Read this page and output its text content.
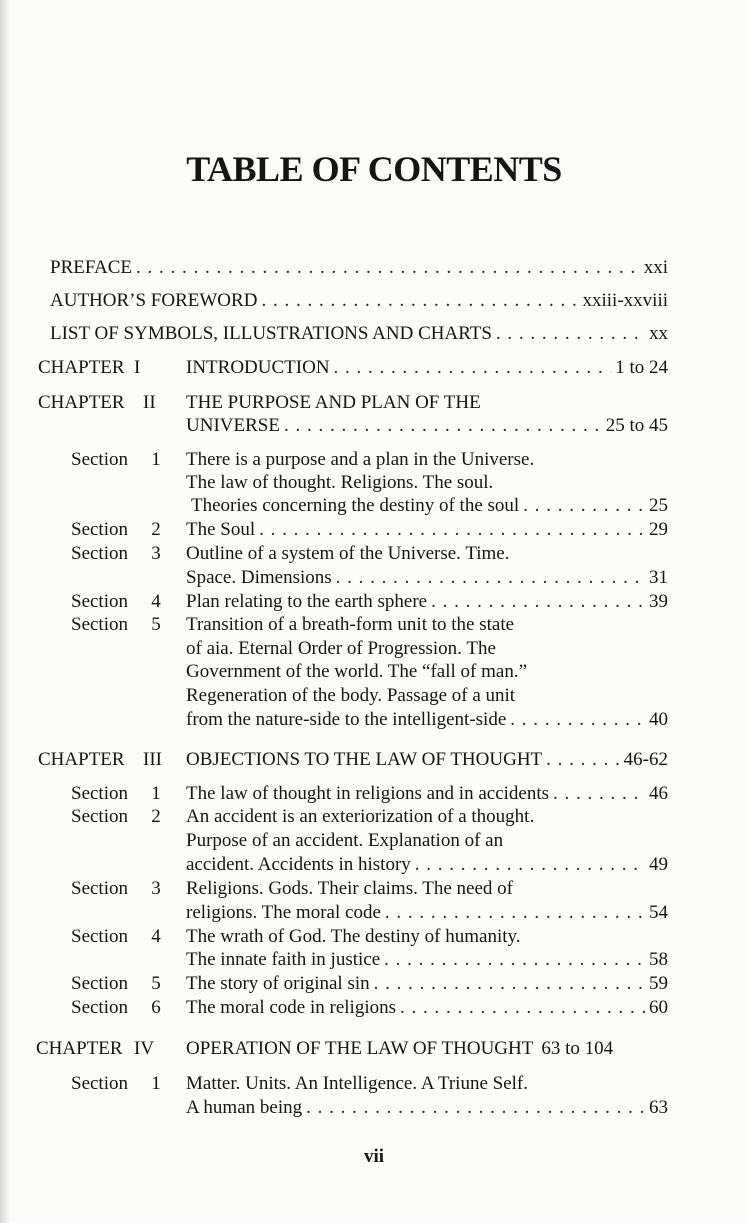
TABLE OF CONTENTS
PREFACE . . .	xxi
AUTHOR’S FOREWORD . . .	xxiii-xxviii
LIST OF SYMBOLS, ILLUSTRATIONS AND CHARTS . . .	xx
CHAPTER I INTRODUCTION . . .	1 to 24
CHAPTER II THE PURPOSE AND PLAN OF THE
UNIVERSE . . .	25 to 45
Section 1 There is a purpose and a plan in the Universe.
The law of thought. Religions. The soul.
Theories concerning the destiny of the soul . . .	25
Section 2 The Soul . . .	29
Section 3 Outline of a system of the Universe. Time.
Space. Dimensions . . .	31
Section 4 Plan relating to the earth sphere . . .	39
Section 5 Transition of a breath-form unit to the state
of aia. Eternal Order of Progression. The
Government of the world. The “fall of man.”
Regeneration of the body. Passage of a unit
from the nature-side to the intelligent-side . . .	40
CHAPTER III OBJECTIONS TO THE LAW OF THOUGHT . . .	46-62
Section 1 The law of thought in religions and in accidents . . .	46
Section 2 An accident is an exteriorization of a thought.
Purpose of an accident. Explanation of an
accident. Accidents in history . . .	49
Section 3 Religions. Gods. Their claims. The need of
religions. The moral code . . .	54
Section 4 The wrath of God. The destiny of humanity.
The innate faith in justice . . .	58
Section 5 The story of original sin . . .	59
Section 6 The moral code in religions . . .	60
CHAPTER IV OPERATION OF THE LAW OF THOUGHT 63 to 104
Section 1 Matter. Units. An Intelligence. A Triune Self.
A human being . . .	63
vii
